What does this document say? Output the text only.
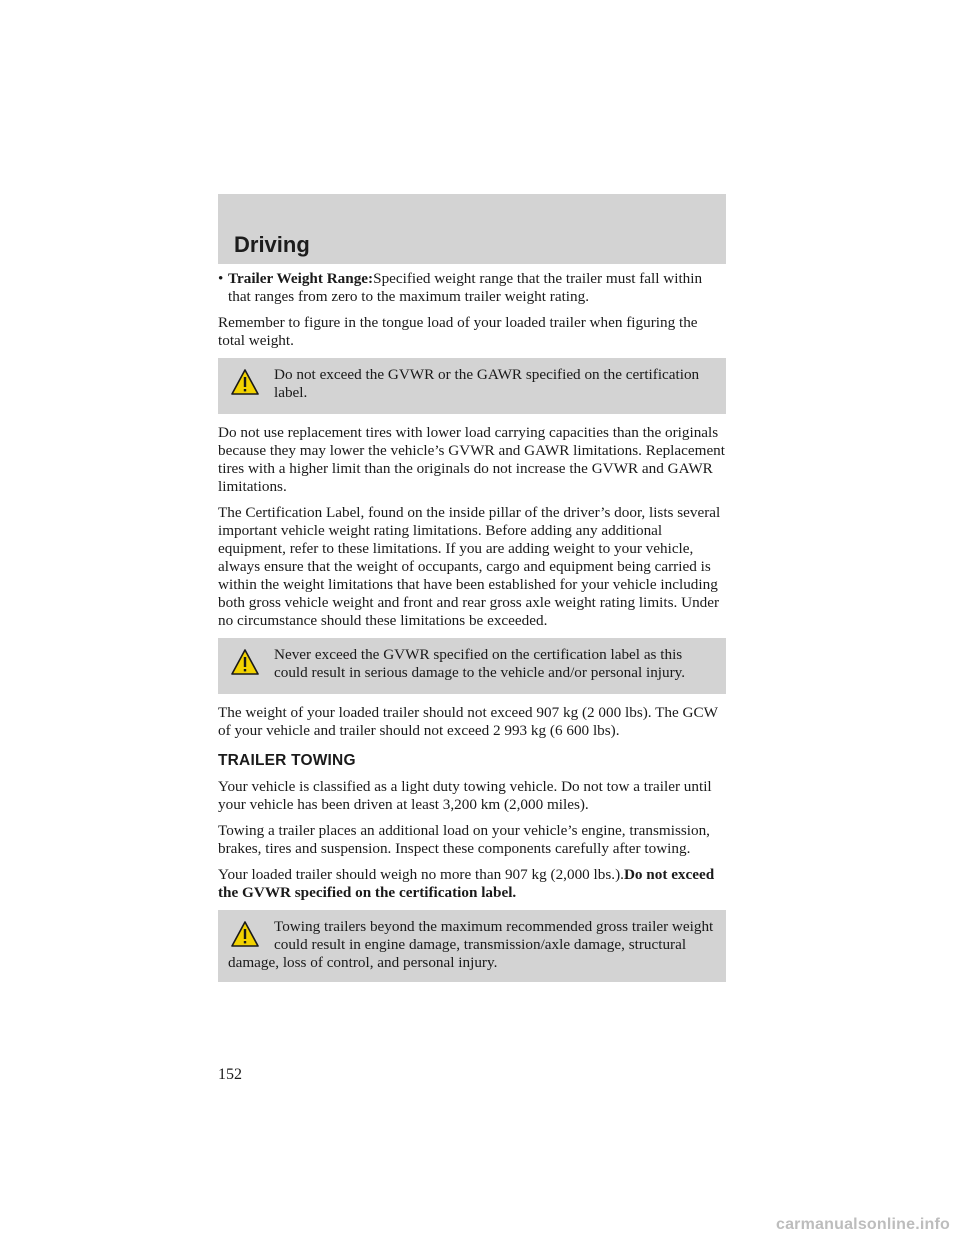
Driving
• Trailer Weight Range:Specified weight range that the trailer must fall within that ranges from zero to the maximum trailer weight rating.

Remember to figure in the tongue load of your loaded trailer when figuring the total weight.

Do not exceed the GVWR or the GAWR specified on the certification label.

Do not use replacement tires with lower load carrying capacities than the originals because they may lower the vehicle’s GVWR and GAWR limitations. Replacement tires with a higher limit than the originals do not increase the GVWR and GAWR limitations.

The Certification Label, found on the inside pillar of the driver’s door, lists several important vehicle weight rating limitations. Before adding any additional equipment, refer to these limitations. If you are adding weight to your vehicle, always ensure that the weight of occupants, cargo and equipment being carried is within the weight limitations that have been established for your vehicle including both gross vehicle weight and front and rear gross axle weight rating limits. Under no circumstance should these limitations be exceeded.

Never exceed the GVWR specified on the certification label as this could result in serious damage to the vehicle and/or personal injury.

The weight of your loaded trailer should not exceed 907 kg (2 000 lbs). The GCW of your vehicle and trailer should not exceed 2 993 kg (6 600 lbs).

TRAILER TOWING

Your vehicle is classified as a light duty towing vehicle. Do not tow a trailer until your vehicle has been driven at least 3,200 km (2,000 miles).

Towing a trailer places an additional load on your vehicle’s engine, transmission, brakes, tires and suspension. Inspect these components carefully after towing.

Your loaded trailer should weigh no more than 907 kg (2,000 lbs.).Do not exceed the GVWR specified on the certification label.

Towing trailers beyond the maximum recommended gross trailer weight could result in engine damage, transmission/axle damage, structural damage, loss of control, and personal injury.
152
carmanualsonline.info
